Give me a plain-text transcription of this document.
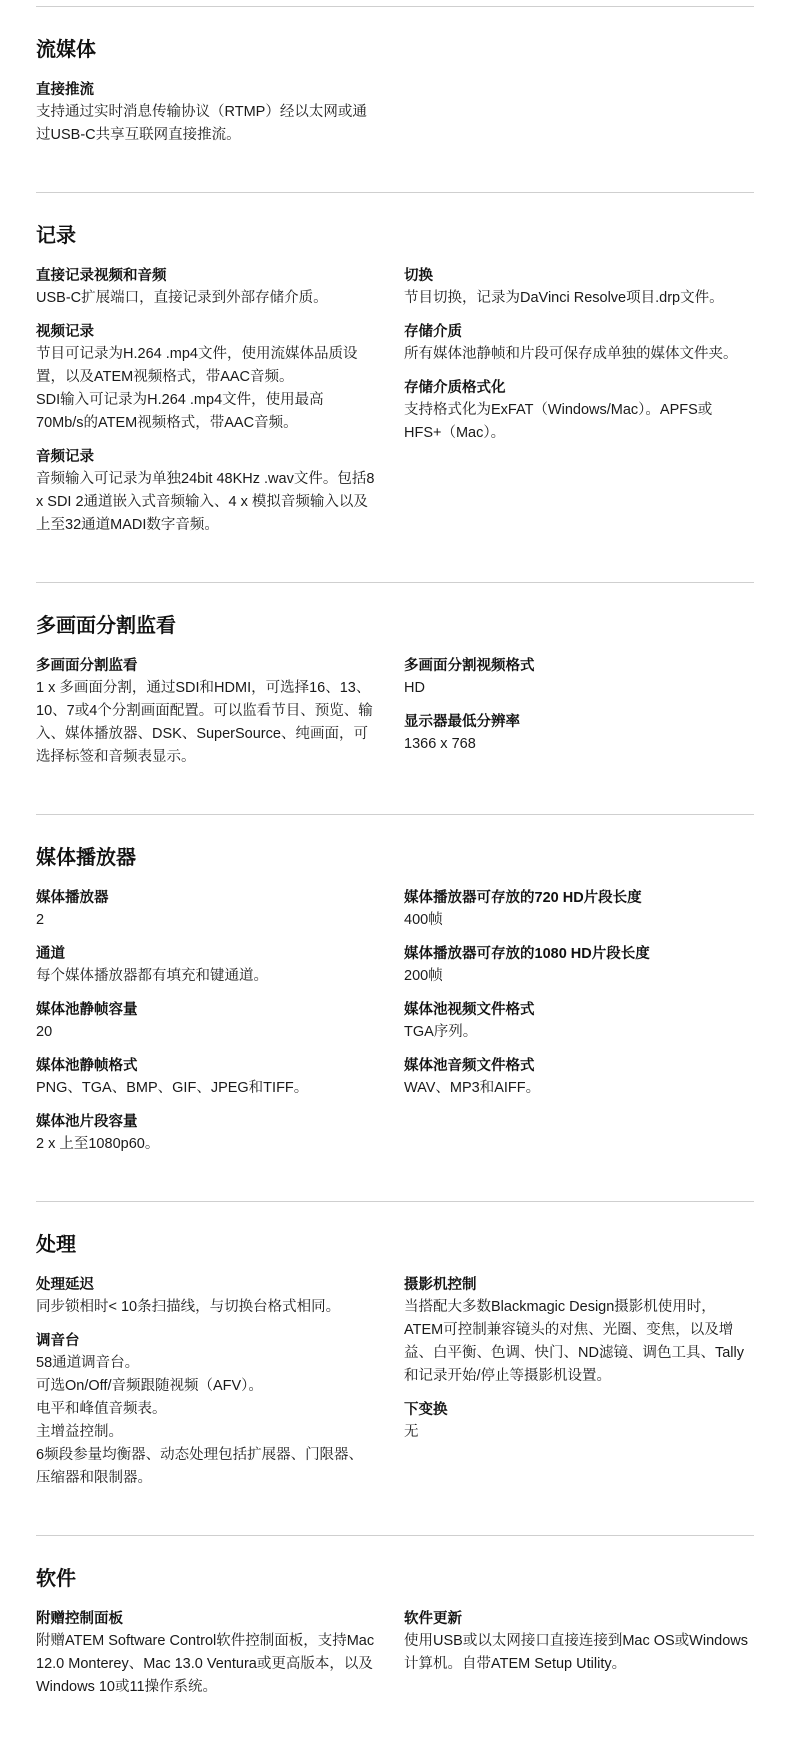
流媒体
直接推流
支持通过实时消息传输协议（RTMP）经以太网或通
过USB-C共享互联网直接推流。
记录
直接记录视频和音频
USB-C扩展端口，直接记录到外部存储介质。
视频记录
节目可记录为H.264 .mp4文件，使用流媒体品质设
置，以及ATEM视频格式，带AAC音频。
SDI输入可记录为H.264 .mp4文件，使用最高
70Mb/s的ATEM视频格式，带AAC音频。
音频记录
音频输入可记录为单独24bit 48KHz .wav文件。包括8
x SDI 2通道嵌入式音频输入、4 x 模拟音频输入以及
上至32通道MADI数字音频。
切换
节目切换，记录为DaVinci Resolve项目.drp文件。
存储介质
所有媒体池静帧和片段可保存成单独的媒体文件夹。
存储介质格式化
支持格式化为ExFAT（Windows/Mac）。APFS或
HFS+（Mac）。
多画面分割监看
多画面分割监看
1 x 多画面分割，通过SDI和HDMI，可选择16、13、
10、7或4个分割画面配置。可以监看节目、预览、输
入、媒体播放器、DSK、SuperSource、纯画面，可
选择标签和音频表显示。
多画面分割视频格式
HD
显示器最低分辨率
1366 x 768
媒体播放器
媒体播放器
2
通道
每个媒体播放器都有填充和键通道。
媒体池静帧容量
20
媒体池静帧格式
PNG、TGA、BMP、GIF、JPEG和TIFF。
媒体池片段容量
2 x 上至1080p60。
媒体播放器可存放的720 HD片段长度
400帧
媒体播放器可存放的1080 HD片段长度
200帧
媒体池视频文件格式
TGA序列。
媒体池音频文件格式
WAV、MP3和AIFF。
处理
处理延迟
同步锁相时< 10条扫描线，与切换台格式相同。
调音台
58通道调音台。
可选On/Off/音频跟随视频（AFV）。
电平和峰值音频表。
主增益控制。
6频段参量均衡器、动态处理包括扩展器、门限器、
压缩器和限制器。
摄影机控制
当搭配大多数Blackmagic Design摄影机使用时，
ATEM可控制兼容镜头的对焦、光圈、变焦，以及增
益、白平衡、色调、快门、ND滤镜、调色工具、Tally
和记录开始/停止等摄影机设置。
下变换
无
软件
附赠控制面板
附赠ATEM Software Control软件控制面板，支持Mac
12.0 Monterey、Mac 13.0 Ventura或更高版本，以及
Windows 10或11操作系统。
软件更新
使用USB或以太网接口直接连接到Mac OS或Windows
计算机。自带ATEM Setup Utility。
